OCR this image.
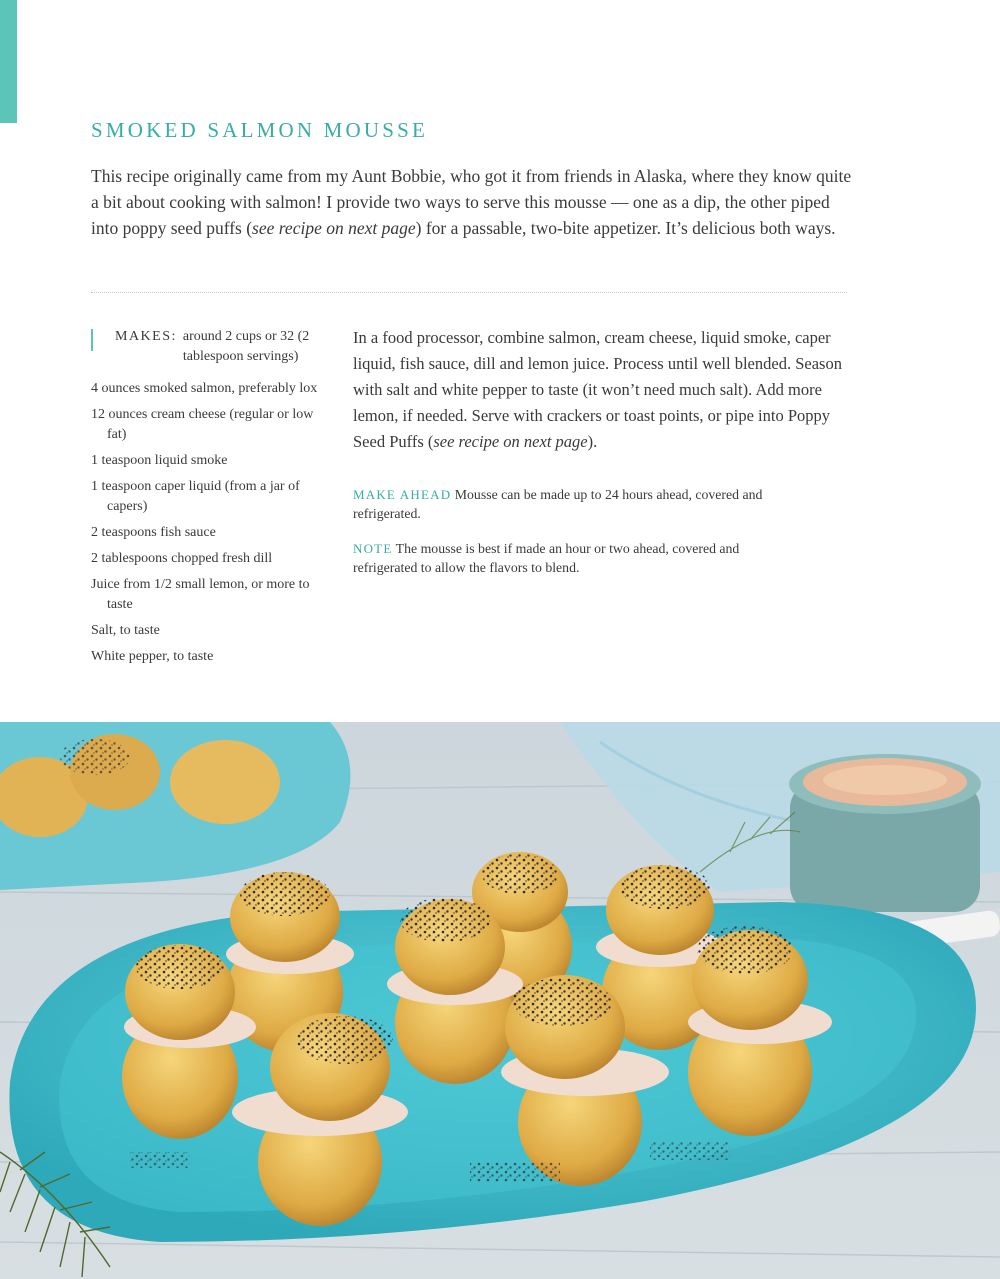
SMOKED SALMON MOUSSE

This recipe originally came from my Aunt Bobbie, who got it from friends in Alaska, where they know quite a bit about cooking with salmon! I provide two ways to serve this mousse — one as a dip, the other piped into poppy seed puffs (see recipe on next page) for a passable, two-bite appetizer. It’s delicious both ways.

MAKES: around 2 cups or 32 (2 tablespoon servings)
4 ounces smoked salmon, preferably lox
12 ounces cream cheese (regular or low fat)
1 teaspoon liquid smoke
1 teaspoon caper liquid (from a jar of capers)
2 teaspoons fish sauce
2 tablespoons chopped fresh dill
Juice from 1/2 small lemon, or more to taste
Salt, to taste
White pepper, to taste

In a food processor, combine salmon, cream cheese, liquid smoke, caper liquid, fish sauce, dill and lemon juice. Process until well blended. Season with salt and white pepper to taste (it won’t need much salt). Add more lemon, if needed. Serve with crackers or toast points, or pipe into Poppy Seed Puffs (see recipe on next page).

MAKE AHEAD Mousse can be made up to 24 hours ahead, covered and refrigerated.

NOTE The mousse is best if made an hour or two ahead, covered and refrigerated to allow the flavors to blend.
